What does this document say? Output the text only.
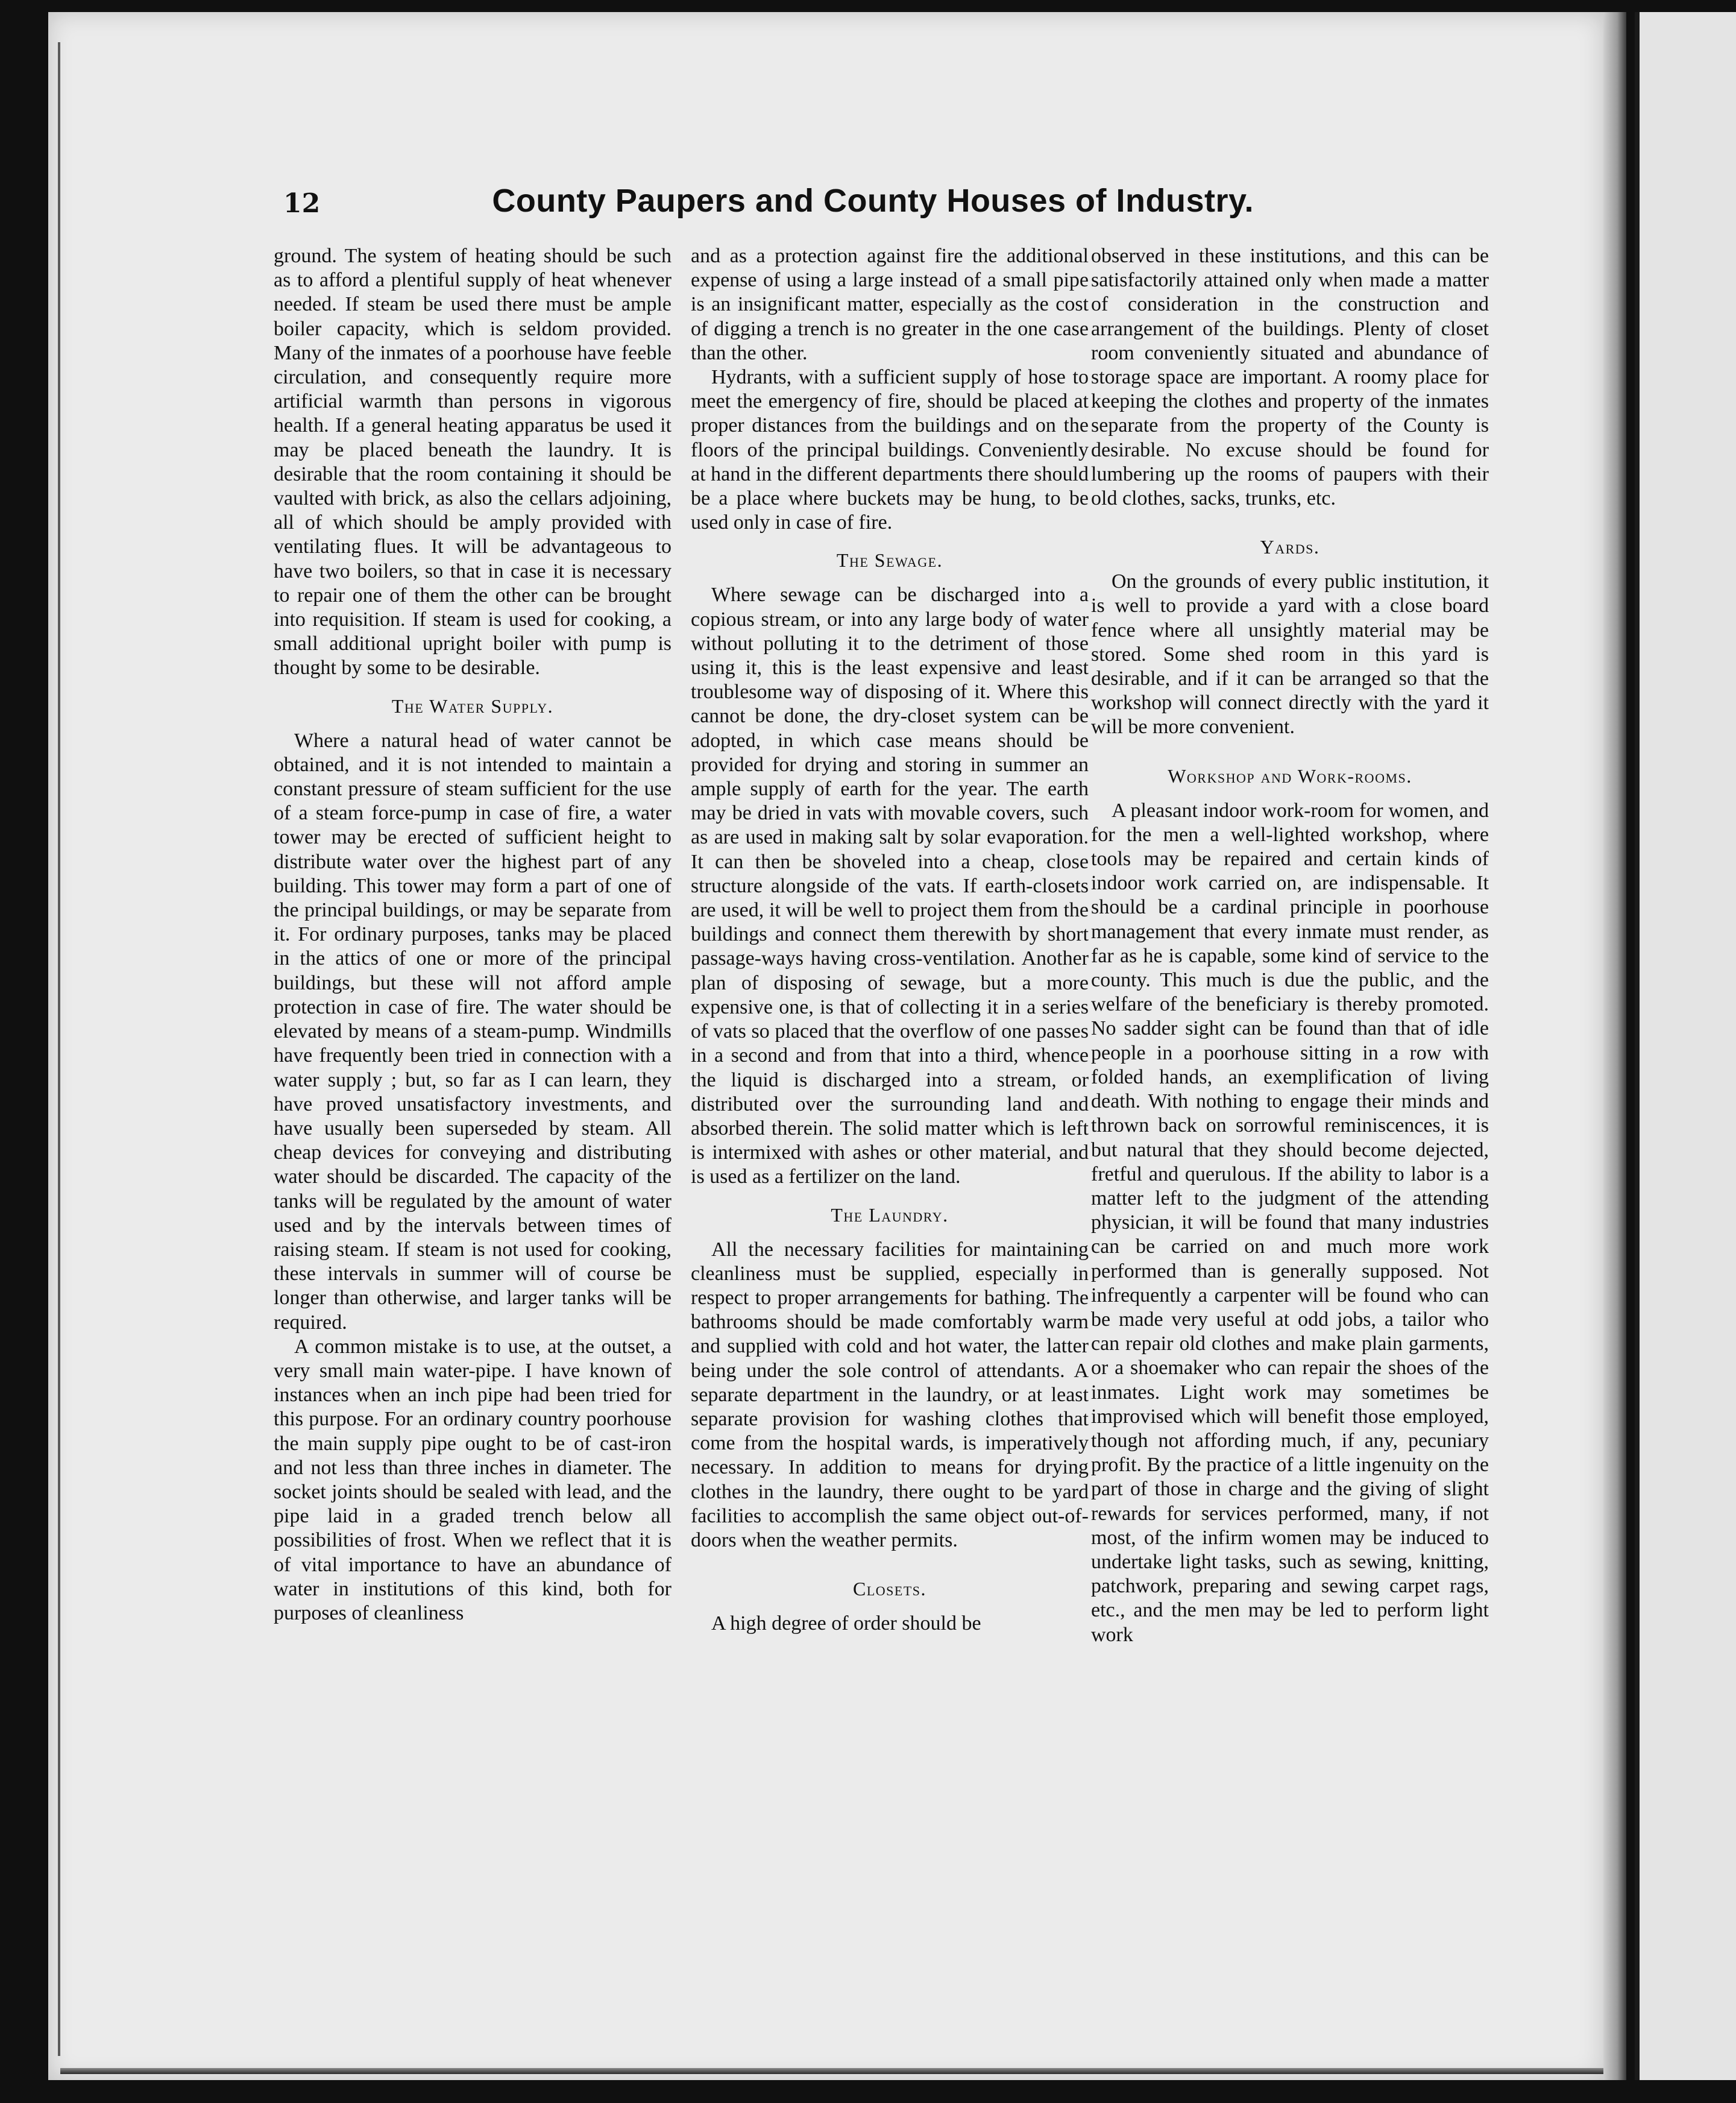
12	County Paupers and County Houses of Industry.

ground. The system of heating should be such as to afford a plentiful supply of heat whenever needed. If steam be used there must be ample boiler capacity, which is seldom provided. Many of the inmates of a poorhouse have feeble circulation, and consequently require more artificial warmth than persons in vigorous health. If a general heating apparatus be used it may be placed beneath the laundry. It is desirable that the room containing it should be vaulted with brick, as also the cellars adjoining, all of which should be amply provided with ventilating flues. It will be advantageous to have two boilers, so that in case it is necessary to repair one of them the other can be brought into requisition. If steam is used for cooking, a small additional upright boiler with pump is thought by some to be desirable.

The Water Supply.

Where a natural head of water cannot be obtained, and it is not intended to maintain a constant pressure of steam sufficient for the use of a steam force-pump in case of fire, a water tower may be erected of sufficient height to distribute water over the highest part of any building. This tower may form a part of one of the principal buildings, or may be separate from it. For ordinary purposes, tanks may be placed in the attics of one or more of the principal buildings, but these will not afford ample protection in case of fire. The water should be elevated by means of a steam-pump. Windmills have frequently been tried in connection with a water supply ; but, so far as I can learn, they have proved unsatisfactory investments, and have usually been superseded by steam. All cheap devices for conveying and distributing water should be discarded. The capacity of the tanks will be regulated by the amount of water used and by the intervals between times of raising steam. If steam is not used for cooking, these intervals in summer will of course be longer than otherwise, and larger tanks will be required.

A common mistake is to use, at the outset, a very small main water-pipe. I have known of instances when an inch pipe had been tried for this purpose. For an ordinary country poorhouse the main supply pipe ought to be of cast-iron and not less than three inches in diameter. The socket joints should be sealed with lead, and the pipe laid in a graded trench below all possibilities of frost. When we reflect that it is of vital importance to have an abundance of water in institutions of this kind, both for purposes of cleanliness

and as a protection against fire the additional expense of using a large instead of a small pipe is an insignificant matter, especially as the cost of digging a trench is no greater in the one case than the other.

Hydrants, with a sufficient supply of hose to meet the emergency of fire, should be placed at proper distances from the buildings and on the floors of the principal buildings. Conveniently at hand in the different departments there should be a place where buckets may be hung, to be used only in case of fire.

The Sewage.

Where sewage can be discharged into a copious stream, or into any large body of water without polluting it to the detriment of those using it, this is the least expensive and least troublesome way of disposing of it. Where this cannot be done, the dry-closet system can be adopted, in which case means should be provided for drying and storing in summer an ample supply of earth for the year. The earth may be dried in vats with movable covers, such as are used in making salt by solar evaporation. It can then be shoveled into a cheap, close structure alongside of the vats. If earth-closets are used, it will be well to project them from the buildings and connect them therewith by short passage-ways having cross-ventilation. Another plan of disposing of sewage, but a more expensive one, is that of collecting it in a series of vats so placed that the overflow of one passes in a second and from that into a third, whence the liquid is discharged into a stream, or distributed over the surrounding land and absorbed therein. The solid matter which is left is intermixed with ashes or other material, and is used as a fertilizer on the land.

The Laundry.

All the necessary facilities for maintaining cleanliness must be supplied, especially in respect to proper arrangements for bathing. The bathrooms should be made comfortably warm and supplied with cold and hot water, the latter being under the sole control of attendants. A separate department in the laundry, or at least separate provision for washing clothes that come from the hospital wards, is imperatively necessary. In addition to means for drying clothes in the laundry, there ought to be yard facilities to accomplish the same object out-of-doors when the weather permits.

Closets.

A high degree of order should be

observed in these institutions, and this can be satisfactorily attained only when made a matter of consideration in the construction and arrangement of the buildings. Plenty of closet room conveniently situated and abundance of storage space are important. A roomy place for keeping the clothes and property of the inmates separate from the property of the County is desirable. No excuse should be found for lumbering up the rooms of paupers with their old clothes, sacks, trunks, etc.

Yards.

On the grounds of every public institution, it is well to provide a yard with a close board fence where all unsightly material may be stored. Some shed room in this yard is desirable, and if it can be arranged so that the workshop will connect directly with the yard it will be more convenient.

Workshop and Work-rooms.

A pleasant indoor work-room for women, and for the men a well-lighted workshop, where tools may be repaired and certain kinds of indoor work carried on, are indispensable. It should be a cardinal principle in poorhouse management that every inmate must render, as far as he is capable, some kind of service to the county. This much is due the public, and the welfare of the beneficiary is thereby promoted. No sadder sight can be found than that of idle people in a poorhouse sitting in a row with folded hands, an exemplification of living death. With nothing to engage their minds and thrown back on sorrowful reminiscences, it is but natural that they should become dejected, fretful and querulous. If the ability to labor is a matter left to the judgment of the attending physician, it will be found that many industries can be carried on and much more work performed than is generally supposed. Not infrequently a carpenter will be found who can be made very useful at odd jobs, a tailor who can repair old clothes and make plain garments, or a shoemaker who can repair the shoes of the inmates. Light work may sometimes be improvised which will benefit those employed, though not affording much, if any, pecuniary profit. By the practice of a little ingenuity on the part of those in charge and the giving of slight rewards for services performed, many, if not most, of the infirm women may be induced to undertake light tasks, such as sewing, knitting, patchwork, preparing and sewing carpet rags, etc., and the men may be led to perform light work
